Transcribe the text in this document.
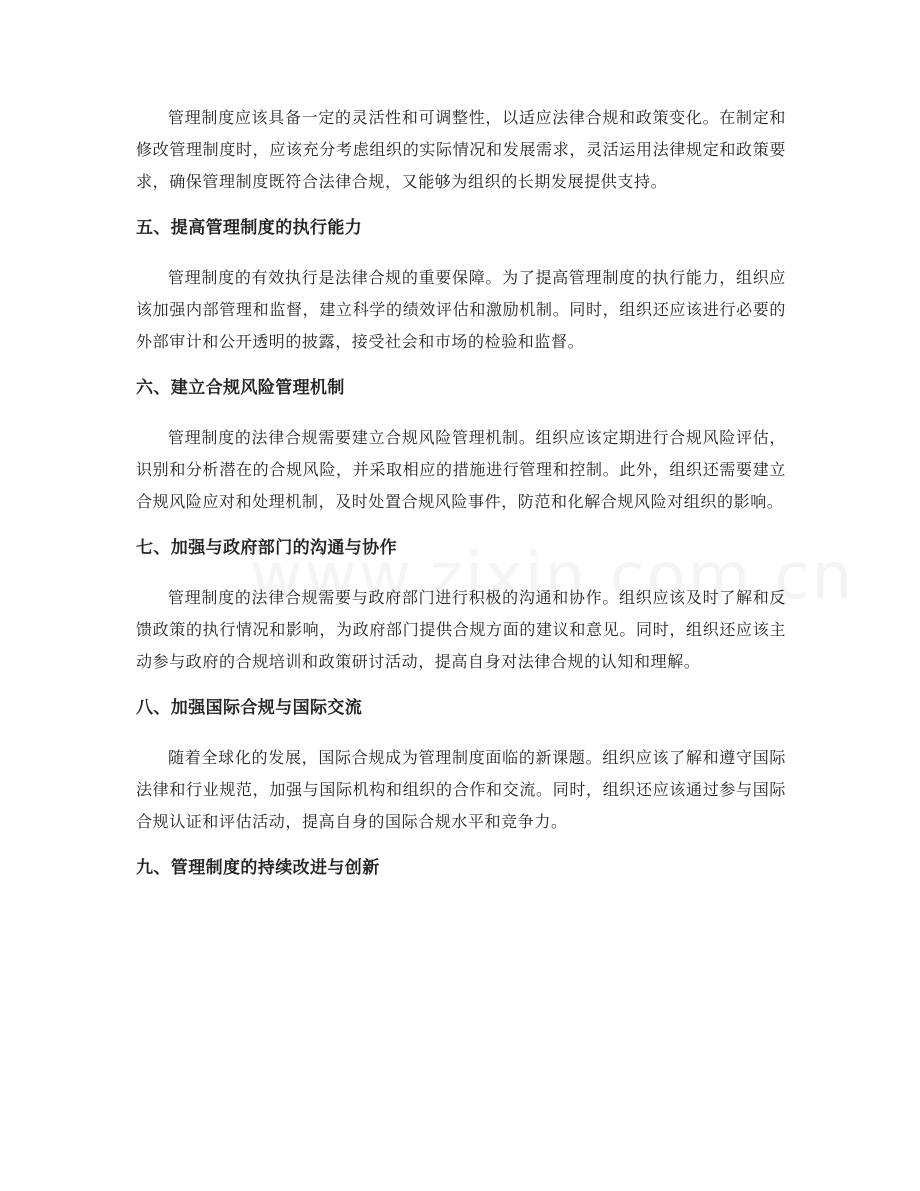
管理制度应该具备一定的灵活性和可调整性，以适应法律合规和政策变化。在制定和修改管理制度时，应该充分考虑组织的实际情况和发展需求，灵活运用法律规定和政策要求，确保管理制度既符合法律合规，又能够为组织的长期发展提供支持。

五、提高管理制度的执行能力

管理制度的有效执行是法律合规的重要保障。为了提高管理制度的执行能力，组织应该加强内部管理和监督，建立科学的绩效评估和激励机制。同时，组织还应该进行必要的外部审计和公开透明的披露，接受社会和市场的检验和监督。

六、建立合规风险管理机制

管理制度的法律合规需要建立合规风险管理机制。组织应该定期进行合规风险评估，识别和分析潜在的合规风险，并采取相应的措施进行管理和控制。此外，组织还需要建立合规风险应对和处理机制，及时处置合规风险事件，防范和化解合规风险对组织的影响。

七、加强与政府部门的沟通与协作

管理制度的法律合规需要与政府部门进行积极的沟通和协作。组织应该及时了解和反馈政策的执行情况和影响，为政府部门提供合规方面的建议和意见。同时，组织还应该主动参与政府的合规培训和政策研讨活动，提高自身对法律合规的认知和理解。

八、加强国际合规与国际交流

随着全球化的发展，国际合规成为管理制度面临的新课题。组织应该了解和遵守国际法律和行业规范，加强与国际机构和组织的合作和交流。同时，组织还应该通过参与国际合规认证和评估活动，提高自身的国际合规水平和竞争力。

九、管理制度的持续改进与创新
